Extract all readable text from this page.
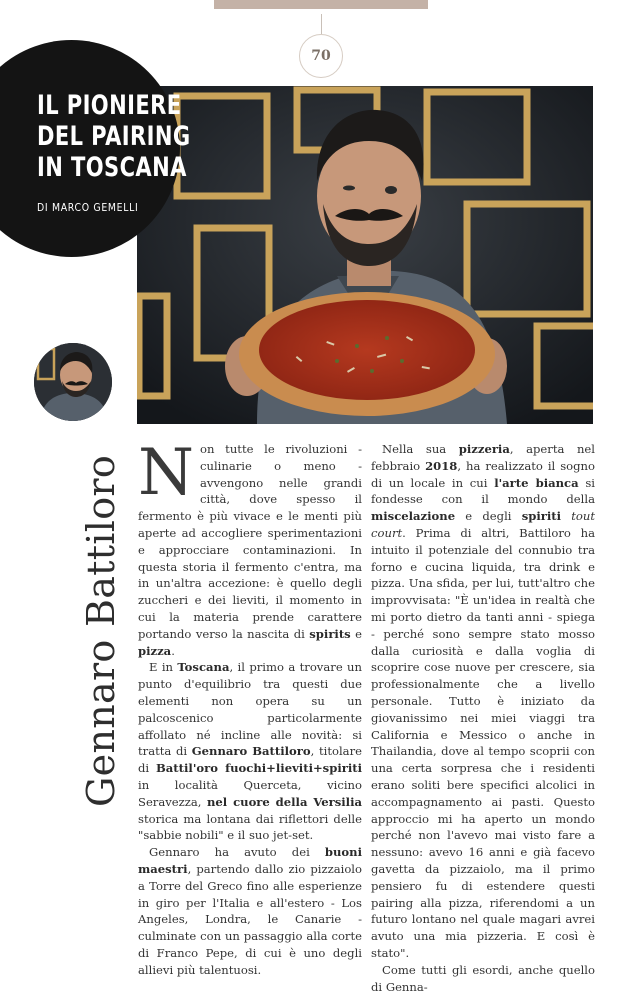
70
IL PIONIERE
DEL PAIRING
IN TOSCANA
DI MARCO GEMELLI
Gennaro Battiloro Non tutte le rivoluzioni - culinarie o meno - avvengono nelle grandi città, dove spesso il fermento è più vivace e le menti più aperte ad accogliere sperimentazioni e approcciare contaminazioni. In questa storia il fermento c'entra, ma in un'altra accezione: è quello degli zuccheri e dei lieviti, il momento in cui la materia prende carattere portando verso la nascita di spirits e pizza.

E in Toscana, il primo a trovare un punto d'equilibrio tra questi due elementi non opera su un palcoscenico particolarmente affollato né incline alle novità: si tratta di Gennaro Battiloro, titolare di Battil'oro fuochi+lieviti+spiriti in località Querceta, vicino Seravezza, nel cuore della Versilia storica ma lontana dai riflettori delle "sabbie nobili" e il suo jet-set.

Gennaro ha avuto dei buoni maestri, partendo dallo zio pizzaiolo a Torre del Greco fino alle esperienze in giro per l'Italia e all'estero - Los Angeles, Londra, le Canarie - culminate con un passaggio alla corte di Franco Pepe, di cui è uno degli allievi più talentuosi.

Nella sua pizzeria, aperta nel febbraio 2018, ha realizzato il sogno di un locale in cui l'arte bianca si fondesse con il mondo della miscelazione e degli spiriti tout court. Prima di altri, Battiloro ha intuito il potenziale del connubio tra forno e cucina liquida, tra drink e pizza. Una sfida, per lui, tutt'altro che improvvisata: "È un'idea in realtà che mi porto dietro da tanti anni - spiega - perché sono sempre stato mosso dalla curiosità e dalla voglia di scoprire cose nuove per crescere, sia professionalmente che a livello personale. Tutto è iniziato da giovanissimo nei miei viaggi tra California e Messico o anche in Thailandia, dove al tempo scoprii con una certa sorpresa che i residenti erano soliti bere specifici alcolici in accompagnamento ai pasti. Questo approccio mi ha aperto un mondo perché non l'avevo mai visto fare a nessuno: avevo 16 anni e già facevo gavetta da pizzaiolo, ma il primo pensiero fu di estendere questi pairing alla pizza, riferendomi a un futuro lontano nel quale magari avrei avuto una mia pizzeria. E così è stato".

Come tutti gli esordi, anche quello di Genna-
